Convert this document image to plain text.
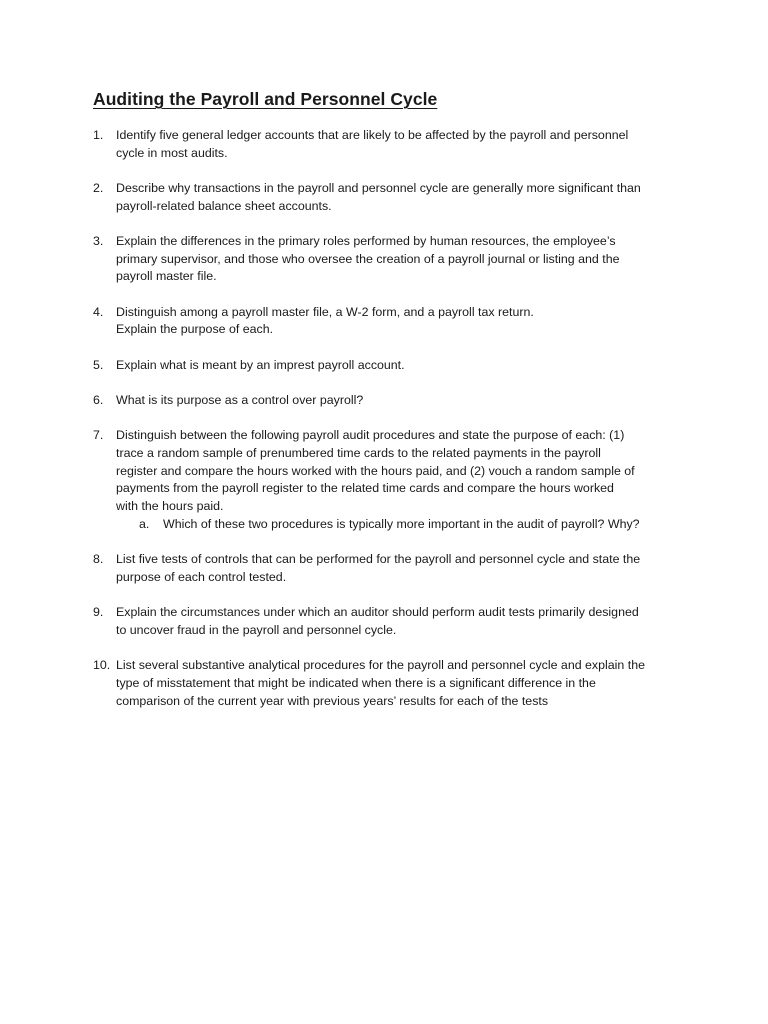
Auditing the Payroll and Personnel Cycle
1. Identify five general ledger accounts that are likely to be affected by the payroll and personnel
cycle in most audits.
2. Describe why transactions in the payroll and personnel cycle are generally more significant than
payroll-related balance sheet accounts.
3. Explain the differences in the primary roles performed by human resources, the employee’s
primary supervisor, and those who oversee the creation of a payroll journal or listing and the
payroll master file.
4. Distinguish among a payroll master file, a W-2 form, and a payroll tax return.
Explain the purpose of each.
5. Explain what is meant by an imprest payroll account.
6. What is its purpose as a control over payroll?
7. Distinguish between the following payroll audit procedures and state the purpose of each: (1)
trace a random sample of prenumbered time cards to the related payments in the payroll
register and compare the hours worked with the hours paid, and (2) vouch a random sample of
payments from the payroll register to the related time cards and compare the hours worked
with the hours paid.
a. Which of these two procedures is typically more important in the audit of payroll? Why?
8. List five tests of controls that can be performed for the payroll and personnel cycle and state the
purpose of each control tested.
9. Explain the circumstances under which an auditor should perform audit tests primarily designed
to uncover fraud in the payroll and personnel cycle.
10. List several substantive analytical procedures for the payroll and personnel cycle and explain the
type of misstatement that might be indicated when there is a significant difference in the
comparison of the current year with previous years’ results for each of the tests
